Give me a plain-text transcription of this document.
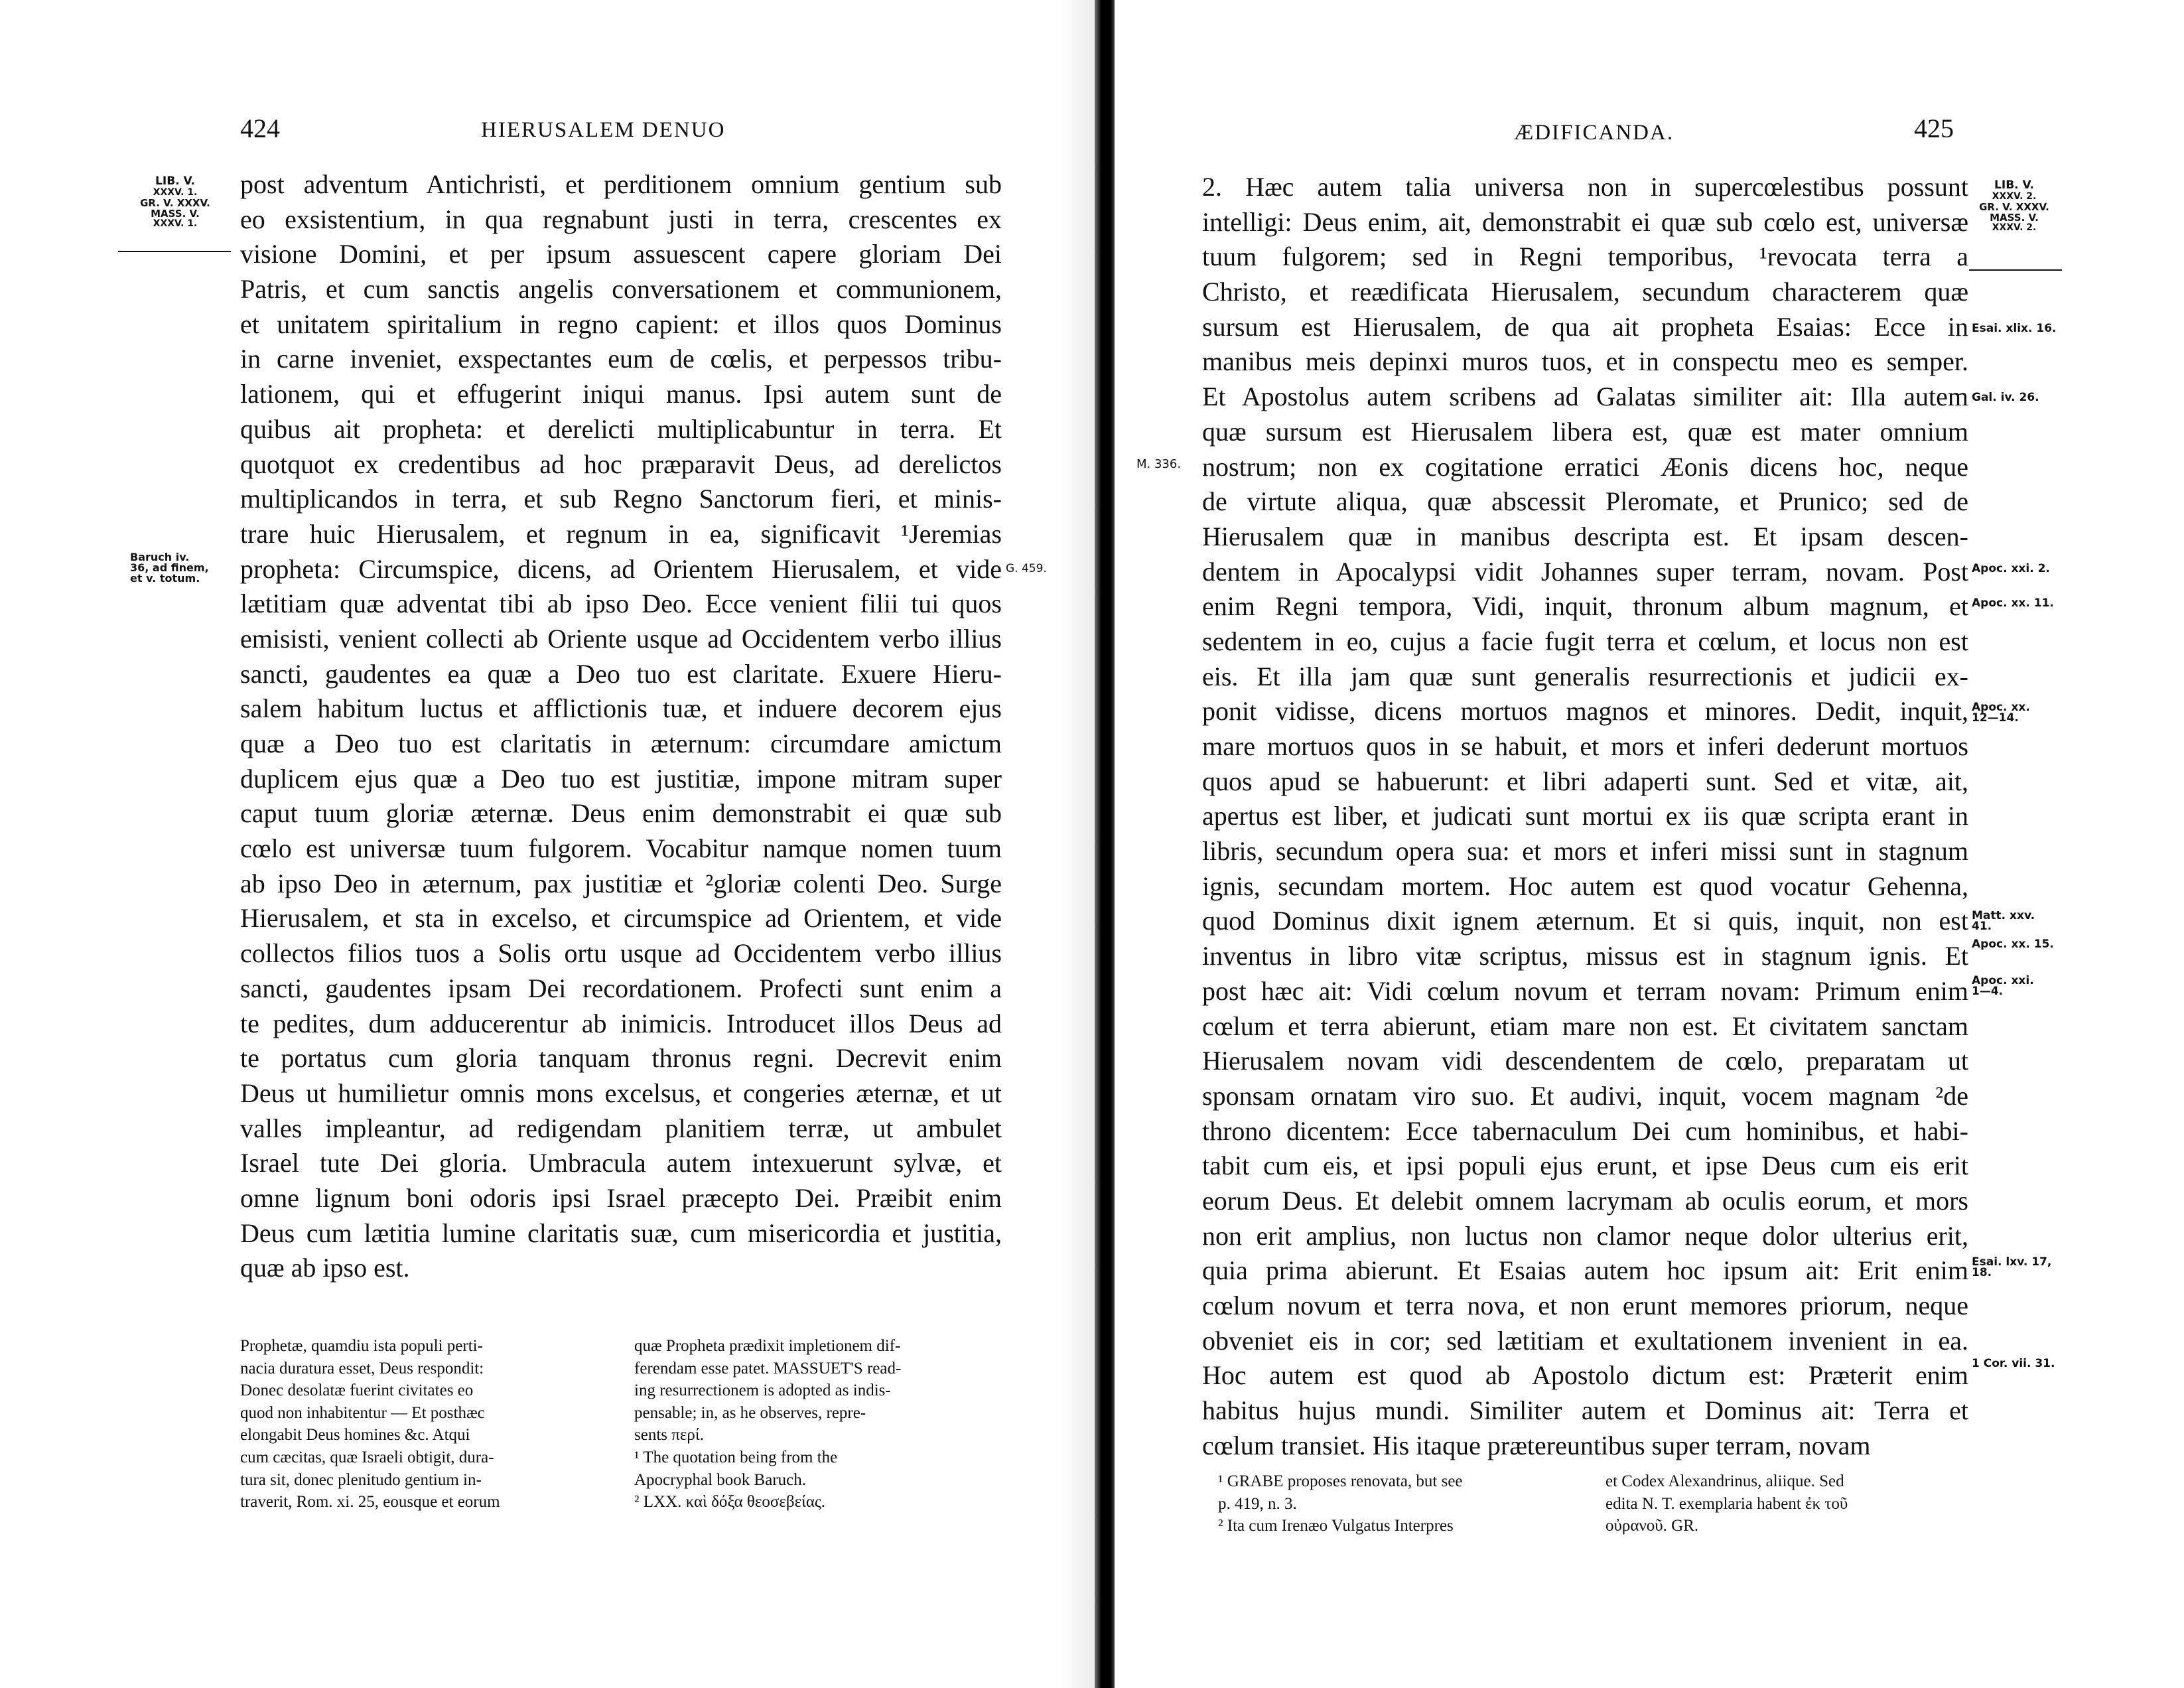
424	HIERUSALEM DENUO
LIB. V.
XXXV. 1.
GR. V. XXXV.
MASS. V.
XXXV. 1.
Baruch iv.
36, ad finem,
et v. totum.
G. 459.
post adventum Antichristi, et perditionem omnium gentium sub
eo exsistentium, in qua regnabunt justi in terra, crescentes ex
visione Domini, et per ipsum assuescent capere gloriam Dei
Patris, et cum sanctis angelis conversationem et communionem,
et unitatem spiritalium in regno capient: et illos quos Dominus
in carne inveniet, exspectantes eum de cœlis, et perpessos tribu-
lationem, qui et effugerint iniqui manus. Ipsi autem sunt de
quibus ait propheta: et derelicti multiplicabuntur in terra. Et
quotquot ex credentibus ad hoc præparavit Deus, ad derelictos
multiplicandos in terra, et sub Regno Sanctorum fieri, et minis-
trare huic Hierusalem, et regnum in ea, significavit ¹Jeremias
propheta: Circumspice, dicens, ad Orientem Hierusalem, et vide
lætitiam quæ adventat tibi ab ipso Deo. Ecce venient filii tui quos
emisisti, venient collecti ab Oriente usque ad Occidentem verbo illius
sancti, gaudentes ea quæ a Deo tuo est claritate. Exuere Hieru-
salem habitum luctus et afflictionis tuæ, et induere decorem ejus
quæ a Deo tuo est claritatis in æternum: circumdare amictum
duplicem ejus quæ a Deo tuo est justitiæ, impone mitram super
caput tuum gloriæ æternæ. Deus enim demonstrabit ei quæ sub
cœlo est universæ tuum fulgorem. Vocabitur namque nomen tuum
ab ipso Deo in æternum, pax justitiæ et ²gloriæ colenti Deo. Surge
Hierusalem, et sta in excelso, et circumspice ad Orientem, et vide
collectos filios tuos a Solis ortu usque ad Occidentem verbo illius
sancti, gaudentes ipsam Dei recordationem. Profecti sunt enim a
te pedites, dum adducerentur ab inimicis. Introducet illos Deus ad
te portatus cum gloria tanquam thronus regni. Decrevit enim
Deus ut humilietur omnis mons excelsus, et congeries æternæ, et ut
valles impleantur, ad redigendam planitiem terræ, ut ambulet
Israel tute Dei gloria. Umbracula autem intexuerunt sylvæ, et
omne lignum boni odoris ipsi Israel præcepto Dei. Præibit enim
Deus cum lætitia lumine claritatis suæ, cum misericordia et justitia,
quæ ab ipso est.
Prophetæ, quamdiu ista populi perti-
nacia duratura esset, Deus respondit:
Donec desolatæ fuerint civitates eo
quod non inhabitentur — Et posthæc
elongabit Deus homines &c. Atqui
cum cæcitas, quæ Israeli obtigit, dura-
tura sit, donec plenitudo gentium in-
traverit, Rom. xi. 25, eousque et eorum
quæ Propheta prædixit impletionem dif-
ferendam esse patet. MASSUET'S read-
ing resurrectionem is adopted as indis-
pensable; in, as he observes, repre-
sents περί.
¹ The quotation being from the
Apocryphal book Baruch.
² LXX. καὶ δόξα θεοσεβείας.
ÆDIFICANDA.	425
2. Hæc autem talia universa non in supercœlestibus possunt
intelligi: Deus enim, ait, demonstrabit ei quæ sub cœlo est, universæ
tuum fulgorem; sed in Regni temporibus, ¹revocata terra a
Christo, et reædificata Hierusalem, secundum characterem quæ
sursum est Hierusalem, de qua ait propheta Esaias: Ecce in
manibus meis depinxi muros tuos, et in conspectu meo es semper.
Et Apostolus autem scribens ad Galatas similiter ait: Illa autem
quæ sursum est Hierusalem libera est, quæ est mater omnium
nostrum; non ex cogitatione erratici Æonis dicens hoc, neque
de virtute aliqua, quæ abscessit Pleromate, et Prunico; sed de
Hierusalem quæ in manibus descripta est. Et ipsam descen-
dentem in Apocalypsi vidit Johannes super terram, novam. Post
enim Regni tempora, Vidi, inquit, thronum album magnum, et
sedentem in eo, cujus a facie fugit terra et cœlum, et locus non est
eis. Et illa jam quæ sunt generalis resurrectionis et judicii ex-
ponit vidisse, dicens mortuos magnos et minores. Dedit, inquit,
mare mortuos quos in se habuit, et mors et inferi dederunt mortuos
quos apud se habuerunt: et libri adaperti sunt. Sed et vitæ, ait,
apertus est liber, et judicati sunt mortui ex iis quæ scripta erant in
libris, secundum opera sua: et mors et inferi missi sunt in stagnum
ignis, secundam mortem. Hoc autem est quod vocatur Gehenna,
quod Dominus dixit ignem æternum. Et si quis, inquit, non est
inventus in libro vitæ scriptus, missus est in stagnum ignis. Et
post hæc ait: Vidi cœlum novum et terram novam: Primum enim
cœlum et terra abierunt, etiam mare non est. Et civitatem sanctam
Hierusalem novam vidi descendentem de cœlo, preparatam ut
sponsam ornatam viro suo. Et audivi, inquit, vocem magnam ²de
throno dicentem: Ecce tabernaculum Dei cum hominibus, et habi-
tabit cum eis, et ipsi populi ejus erunt, et ipse Deus cum eis erit
eorum Deus. Et delebit omnem lacrymam ab oculis eorum, et mors
non erit amplius, non luctus non clamor neque dolor ulterius erit,
quia prima abierunt. Et Esaias autem hoc ipsum ait: Erit enim
cœlum novum et terra nova, et non erunt memores priorum, neque
obveniet eis in cor; sed lætitiam et exultationem invenient in ea.
Hoc autem est quod ab Apostolo dictum est: Præterit enim
habitus hujus mundi. Similiter autem et Dominus ait: Terra et
cœlum transiet. His itaque prætereuntibus super terram, novam
LIB. V.
XXXV. 2.
GR. V. XXXV.
MASS. V.
XXXV. 2.
M. 336.
Esai. xlix. 16.
Gal. iv. 26.
Apoc. xxi. 2.
Apoc. xx. 11.
Apoc. xx.
12—14.
Matt. xxv.
41.
Apoc. xx. 15.
Apoc. xxi.
1—4.
Esai. lxv. 17,
18.
1 Cor. vii. 31.
¹ GRABE proposes renovata, but see
p. 419, n. 3.
² Ita cum Irenæo Vulgatus Interpres
et Codex Alexandrinus, aliique. Sed
edita N. T. exemplaria habent ἐκ τοῦ
οὐρανοῦ. GR.
